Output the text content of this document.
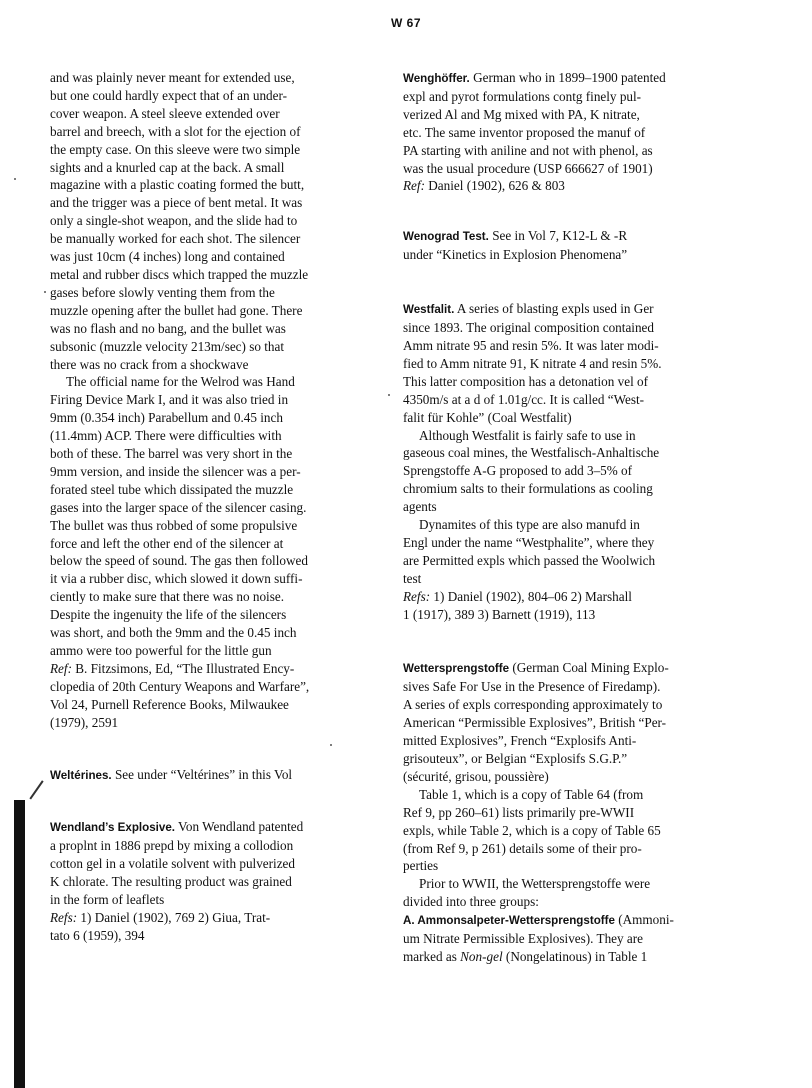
W 67
and was plainly never meant for extended use,
but one could hardly expect that of an under-
cover weapon. A steel sleeve extended over
barrel and breech, with a slot for the ejection of
the empty case. On this sleeve were two simple
sights and a knurled cap at the back. A small
magazine with a plastic coating formed the butt,
and the trigger was a piece of bent metal. It was
only a single-shot weapon, and the slide had to
be manually worked for each shot. The silencer
was just 10cm (4 inches) long and contained
metal and rubber discs which trapped the muzzle
gases before slowly venting them from the
muzzle opening after the bullet had gone. There
was no flash and no bang, and the bullet was
subsonic (muzzle velocity 213m/sec) so that
there was no crack from a shockwave
The official name for the Welrod was Hand
Firing Device Mark I, and it was also tried in
9mm (0.354 inch) Parabellum and 0.45 inch
(11.4mm) ACP. There were difficulties with
both of these. The barrel was very short in the
9mm version, and inside the silencer was a per-
forated steel tube which dissipated the muzzle
gases into the larger space of the silencer casing.
The bullet was thus robbed of some propulsive
force and left the other end of the silencer at
below the speed of sound. The gas then followed
it via a rubber disc, which slowed it down suffi-
ciently to make sure that there was no noise.
Despite the ingenuity the life of the silencers
was short, and both the 9mm and the 0.45 inch
ammo were too powerful for the little gun
Ref: B. Fitzsimons, Ed, “The Illustrated Ency-
clopedia of 20th Century Weapons and Warfare”,
Vol 24, Purnell Reference Books, Milwaukee
(1979), 2591
Weltérines. See under “Veltérines” in this Vol
Wendland’s Explosive. Von Wendland patented
a proplnt in 1886 prepd by mixing a collodion
cotton gel in a volatile solvent with pulverized
K chlorate. The resulting product was grained
in the form of leaflets
Refs: 1) Daniel (1902), 769 2) Giua, Trat-
tato 6 (1959), 394
Wenghöffer. German who in 1899–1900 patented
expl and pyrot formulations contg finely pul-
verized Al and Mg mixed with PA, K nitrate,
etc. The same inventor proposed the manuf of
PA starting with aniline and not with phenol, as
was the usual procedure (USP 666627 of 1901)
Ref: Daniel (1902), 626 & 803
Wenograd Test. See in Vol 7, K12-L & -R
under “Kinetics in Explosion Phenomena”
Westfalit. A series of blasting expls used in Ger
since 1893. The original composition contained
Amm nitrate 95 and resin 5%. It was later modi-
fied to Amm nitrate 91, K nitrate 4 and resin 5%.
This latter composition has a detonation vel of
4350m/s at a d of 1.01g/cc. It is called “West-
falit für Kohle” (Coal Westfalit)
Although Westfalit is fairly safe to use in
gaseous coal mines, the Westfalisch-Anhaltische
Sprengstoffe A-G proposed to add 3–5% of
chromium salts to their formulations as cooling
agents
Dynamites of this type are also manufd in
Engl under the name “Westphalite”, where they
are Permitted expls which passed the Woolwich
test
Refs: 1) Daniel (1902), 804–06 2) Marshall
1 (1917), 389 3) Barnett (1919), 113
Wettersprengstoffe (German Coal Mining Explo-
sives Safe For Use in the Presence of Firedamp).
A series of expls corresponding approximately to
American “Permissible Explosives”, British “Per-
mitted Explosives”, French “Explosifs Anti-
grisouteux”, or Belgian “Explosifs S.G.P.”
(sécurité, grisou, poussière)
Table 1, which is a copy of Table 64 (from
Ref 9, pp 260–61) lists primarily pre-WWII
expls, while Table 2, which is a copy of Table 65
(from Ref 9, p 261) details some of their pro-
perties
Prior to WWII, the Wettersprengstoffe were
divided into three groups:
A. Ammonsalpeter-Wettersprengstoffe (Ammoni-
um Nitrate Permissible Explosives). They are
marked as Non-gel (Nongelatinous) in Table 1
